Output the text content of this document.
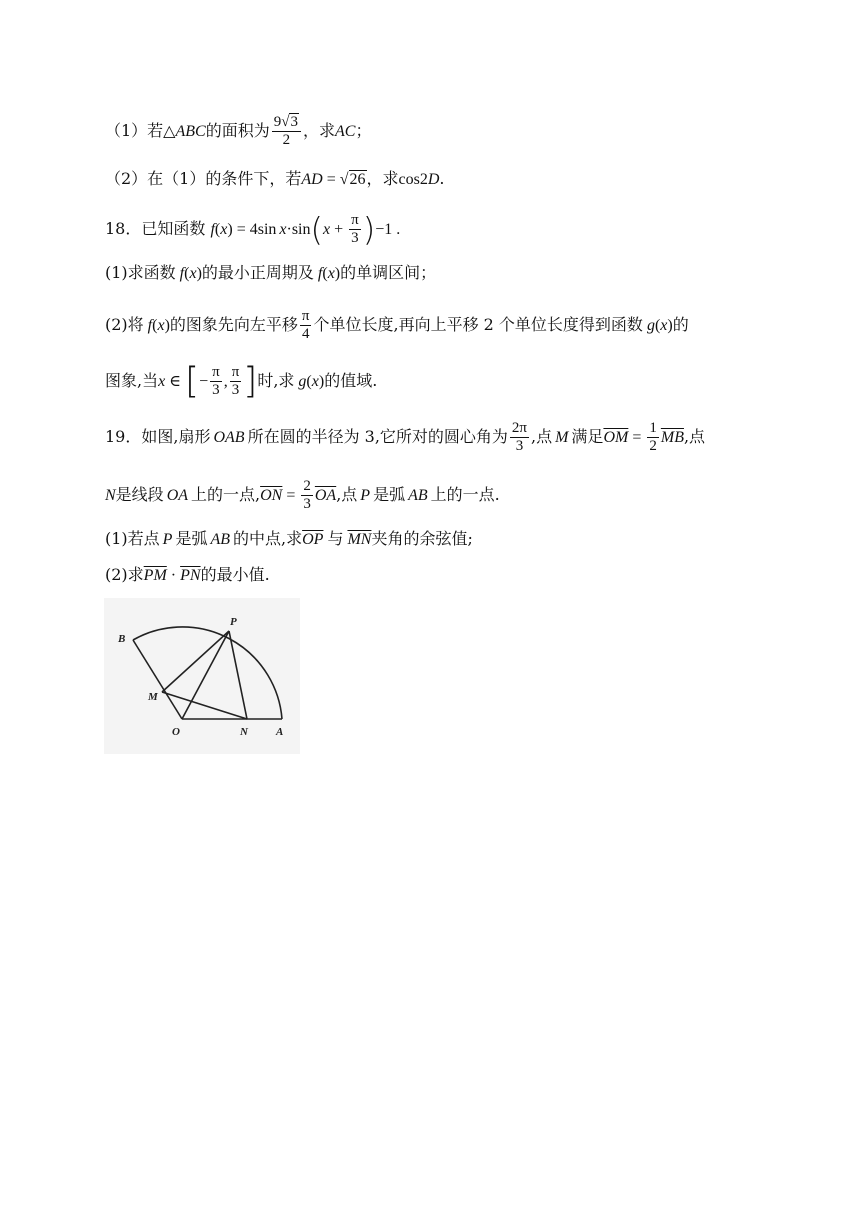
（1）若△ABC的面积为 $\frac{9√3}{2}$ ，求AC；
（2）在（1）的条件下，若AD = √26，求cos2D.
18．已知函数 f(x) = 4sin $x\cdot\sin(x + \frac{\pi}{3} )-1$ .
(1)求函数 f(x)的最小正周期及 f(x)的单调区间；
(2)将 f(x)的图象先向左平移 $\frac{\pi}{4}$ 个单位长度,再向上平移 2 个单位长度得到函数 g(x)的
图象,当x ∈ [− $\frac{\pi}{3}$ , $\frac{\pi}{3}$ ]时,求 g(x)的值域.
19．如图,扇形 OAB 所在圆的半径为 3,它所对的圆心角为 $\frac{2\pi}{3}$ ,点 M 满足$\overline{OM} = \frac{1}{2} \overline{MB}$,点
N是线段 OA 上的一点$,\overline{ON} = \frac{2}{3} \overline{OA}$,点 P 是弧 AB 上的一点.
(1)若点 P 是弧 AB 的中点,求$\overline{OP}$ 与 $\overline{MN}$夹角的余弦值;
(2)求$\overline{PM} \cdot \overline{PN}$的最小值.
B
P
M
O	N	A
